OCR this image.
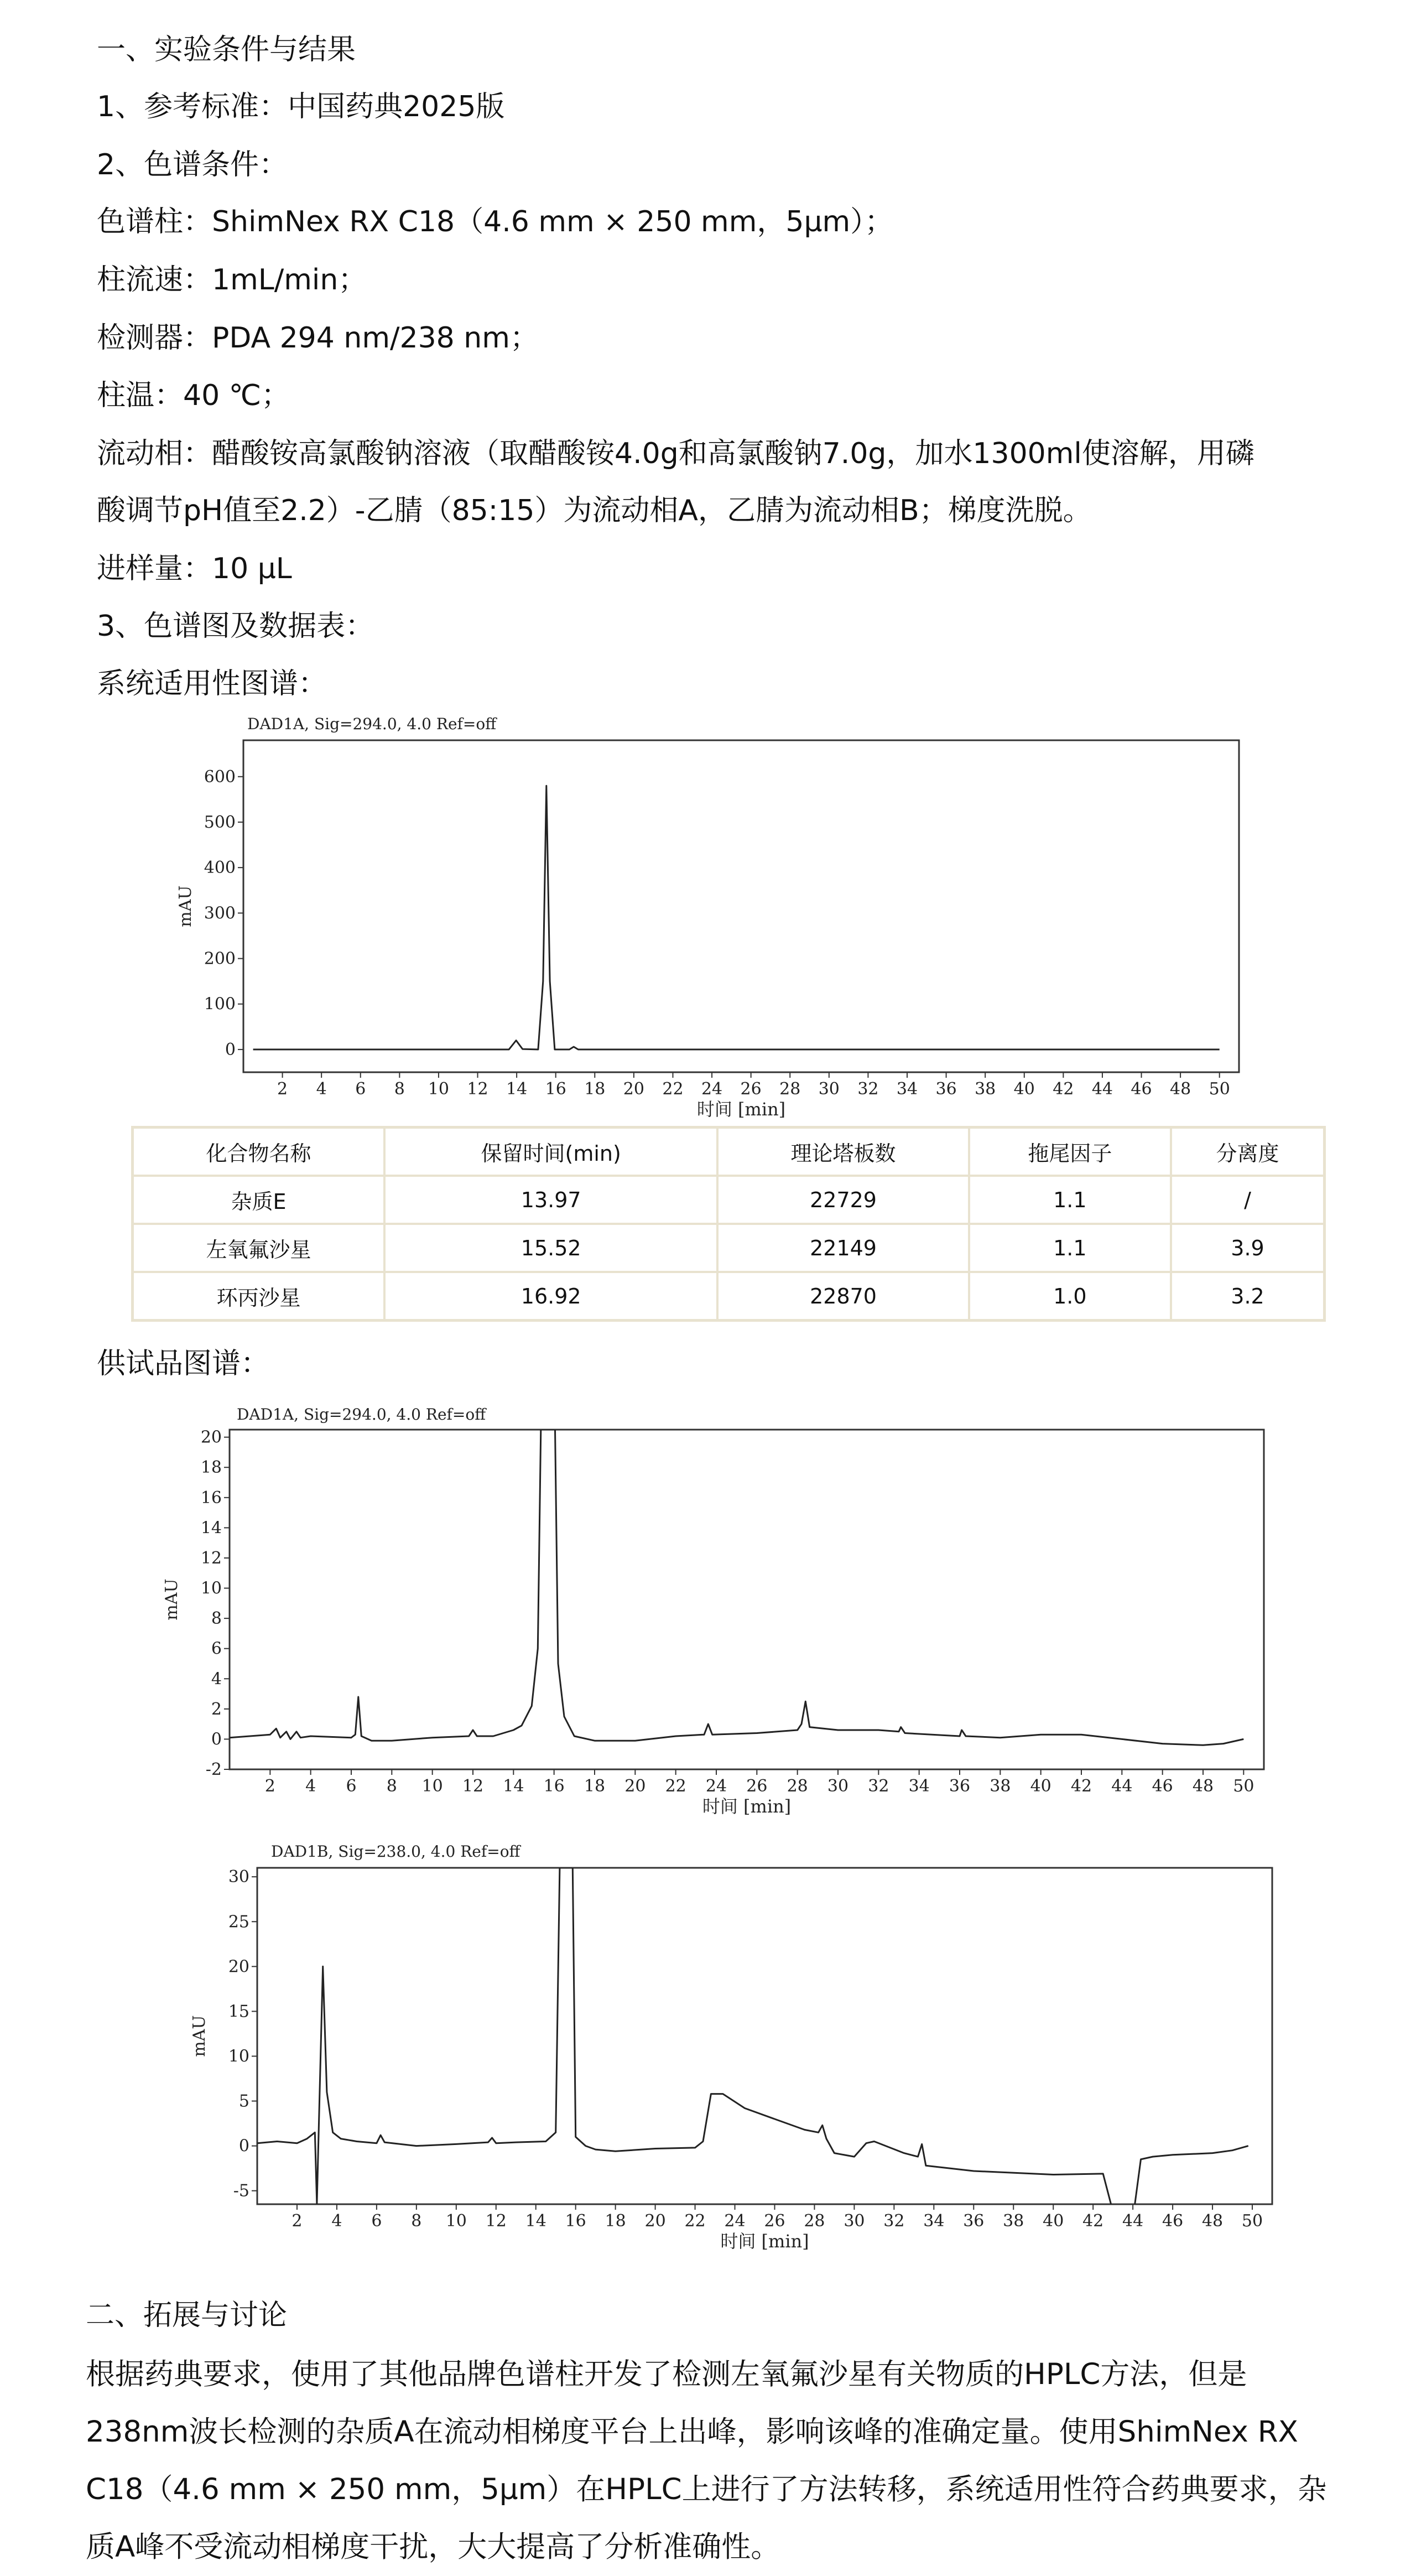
一、实验条件与结果
1、参考标准：中国药典2025版
2、色谱条件：
色谱柱：ShimNex RX C18（4.6 mm × 250 mm，5μm）；
柱流速：1mL/min；
检测器：PDA 294 nm/238 nm；
柱温：40 ℃；
流动相：醋酸铵高氯酸钠溶液（取醋酸铵4.0g和高氯酸钠7.0g，加水1300ml使溶解，用磷
酸调节pH值至2.2）-乙腈（85:15）为流动相A，乙腈为流动相B；梯度洗脱。
进样量：10 μL
3、色谱图及数据表：
系统适用性图谱：
DAD1A, Sig=294.0, 4.0 Ref=off
2 4 6 8 10 12 14 16 18 20 22 24 26 28 30 32 34 36 38 40 42 44 46 48 50
0
100
200
300
400
500
600
时间 [min]
mAU
化合物名称	保留时间(min)	理论塔板数	拖尾因子	分离度
杂质E	13.97	22729	1.1	/
左氧氟沙星	15.52	22149	1.1	3.9
环丙沙星	16.92	22870	1.0	3.2
供试品图谱：
DAD1A, Sig=294.0, 4.0 Ref=off
2 4 6 8 10 12 14 16 18 20 22 24 26 28 30 32 34 36 38 40 42 44 46 48 50
-2
0
2
4
6
8
10
12
14
16
18
20
时间 [min]
mAU
DAD1B, Sig=238.0, 4.0 Ref=off
2 4 6 8 10 12 14 16 18 20 22 24 26 28 30 32 34 36 38 40 42 44 46 48 50
-5
0
5
10
15
20
25
30
时间 [min]
mAU
二、拓展与讨论
根据药典要求，使用了其他品牌色谱柱开发了检测左氧氟沙星有关物质的HPLC方法，但是238nm波长检测的杂质A在流动相梯度平台上出峰，影响该峰的准确定量。使用ShimNex RX C18（4.6 mm × 250 mm，5μm）在HPLC上进行了方法转移，系统适用性符合药典要求，杂质A峰不受流动相梯度干扰，大大提高了分析准确性。
